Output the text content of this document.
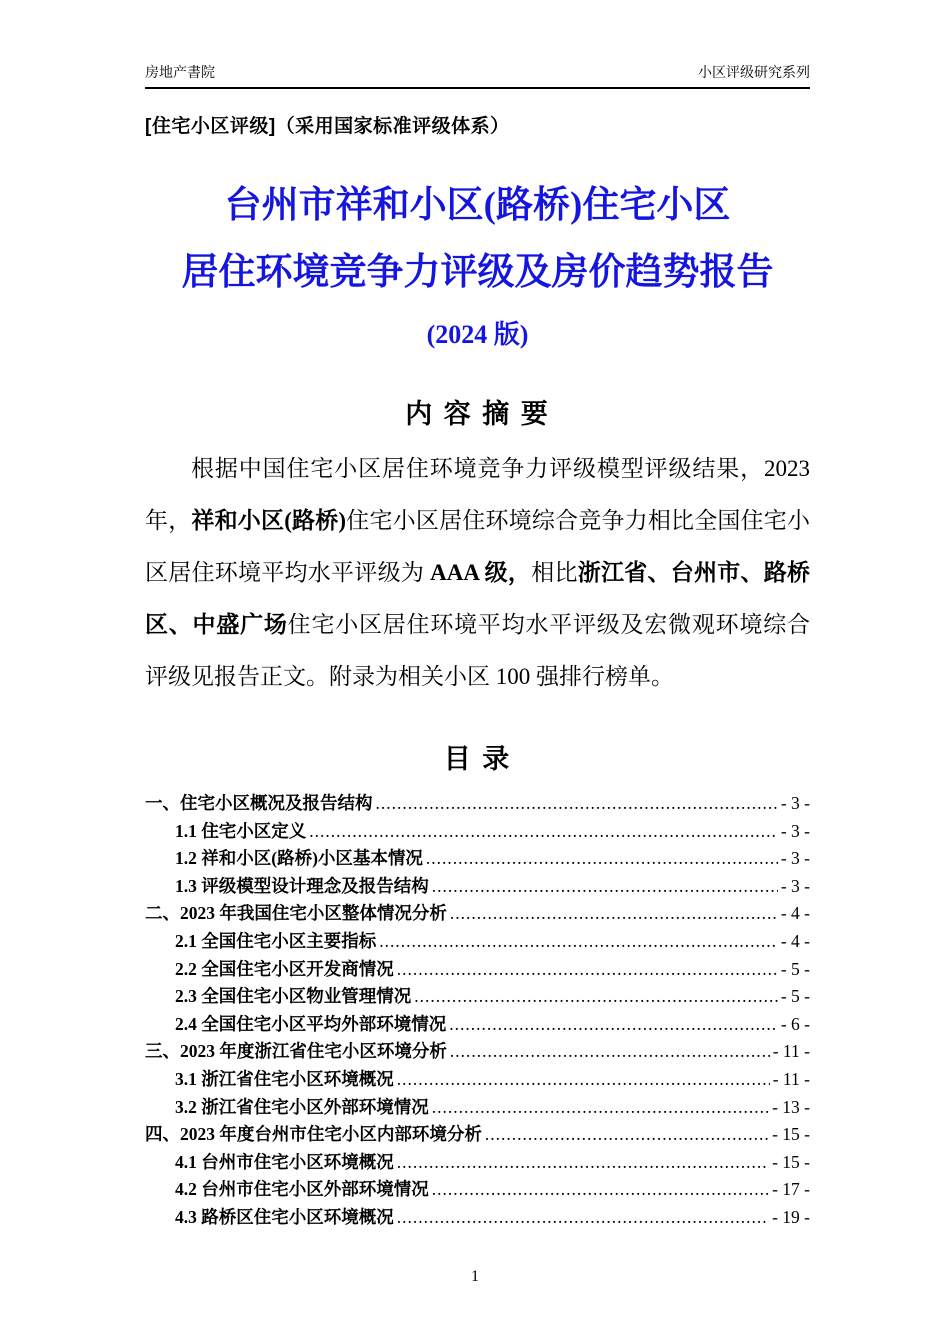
房地产書院	小区评级研究系列
[住宅小区评级]（采用国家标准评级体系）
台州市祥和小区(路桥)住宅小区
居住环境竞争力评级及房价趋势报告
(2024 版)
内 容 摘 要

根据中国住宅小区居住环境竞争力评级模型评级结果，2023 年，祥和小区(路桥)住宅小区居住环境综合竞争力相比全国住宅小区居住环境平均水平评级为 AAA 级，相比浙江省、台州市、路桥区、中盛广场住宅小区居住环境平均水平评级及宏微观环境综合评级见报告正文。附录为相关小区 100 强排行榜单。

目 录
一、住宅小区概况及报告结构 .....	- 3 -
1.1 住宅小区定义 .....	- 3 -
1.2 祥和小区(路桥)小区基本情况 .....	- 3 -
1.3 评级模型设计理念及报告结构 .....	- 3 -
二、2023 年我国住宅小区整体情况分析 .....	- 4 -
2.1 全国住宅小区主要指标 .....	- 4 -
2.2 全国住宅小区开发商情况 .....	- 5 -
2.3 全国住宅小区物业管理情况 .....	- 5 -
2.4 全国住宅小区平均外部环境情况 .....	- 6 -
三、2023 年度浙江省住宅小区环境分析 .....	- 11 -
3.1 浙江省住宅小区环境概况 .....	- 11 -
3.2 浙江省住宅小区外部环境情况 .....	- 13 -
四、2023 年度台州市住宅小区内部环境分析 .....	- 15 -
4.1 台州市住宅小区环境概况 .....	- 15 -
4.2 台州市住宅小区外部环境情况 .....	- 17 -
4.3 路桥区住宅小区环境概况 .....	- 19 -
1
